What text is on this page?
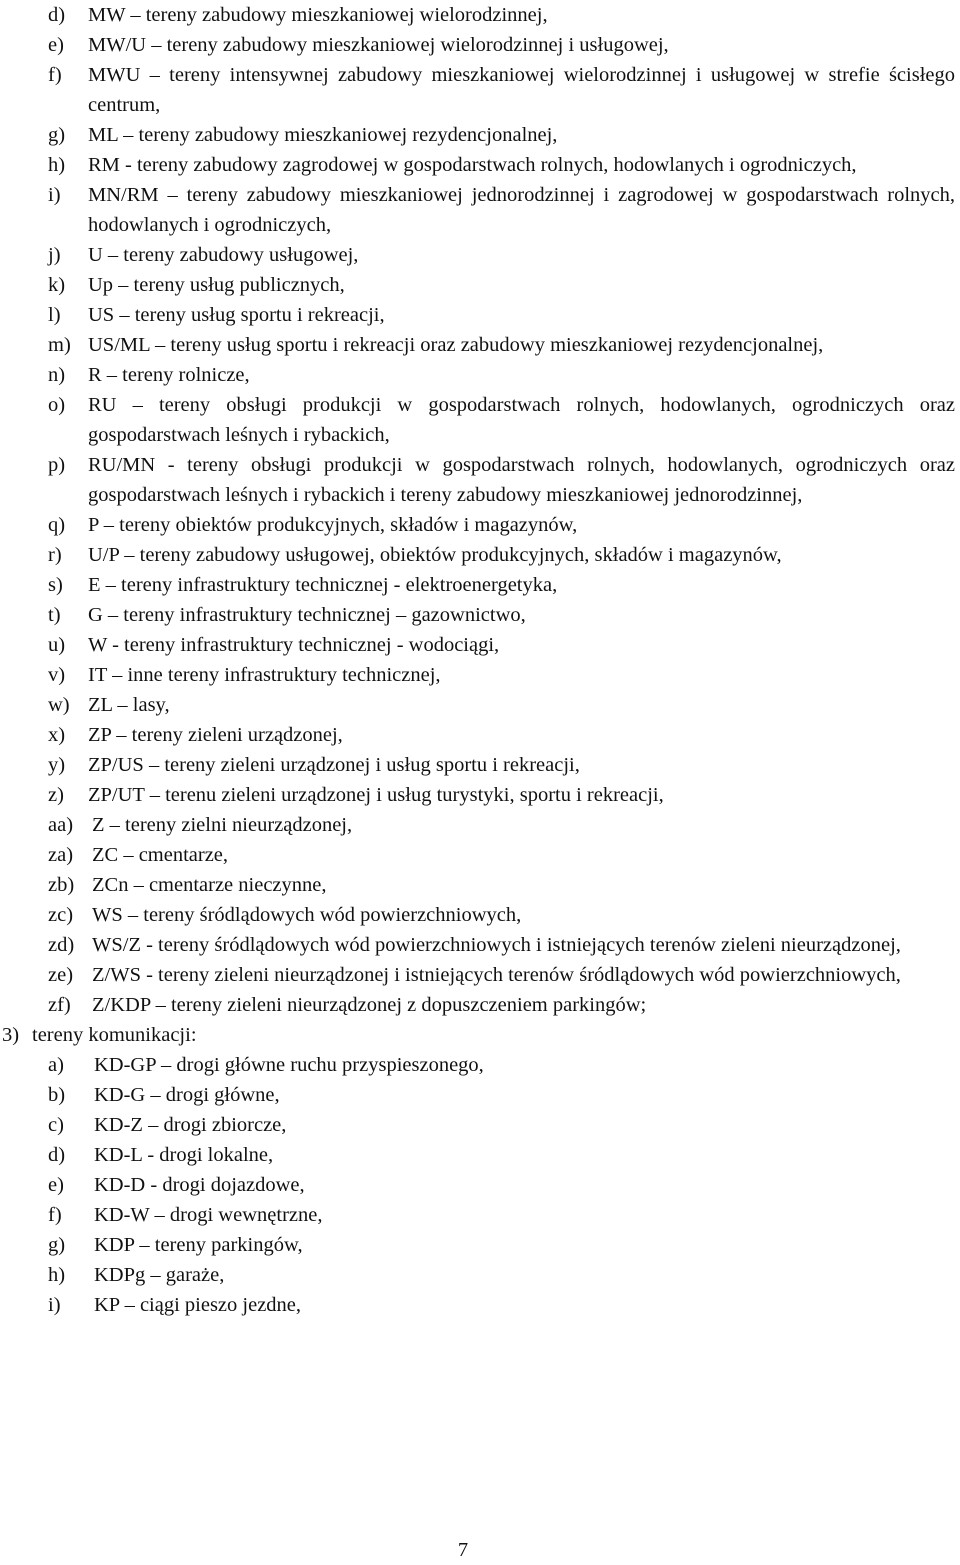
d) MW – tereny zabudowy mieszkaniowej wielorodzinnej,
e) MW/U – tereny zabudowy mieszkaniowej wielorodzinnej i usługowej,
f) MWU – tereny intensywnej zabudowy mieszkaniowej wielorodzinnej i usługowej w strefie ścisłego centrum,
g) ML – tereny zabudowy mieszkaniowej rezydencjonalnej,
h) RM - tereny zabudowy zagrodowej w gospodarstwach rolnych, hodowlanych i ogrodniczych,
i) MN/RM – tereny zabudowy mieszkaniowej jednorodzinnej i zagrodowej w gospodarstwach rolnych, hodowlanych i ogrodniczych,
j) U – tereny zabudowy usługowej,
k) Up – tereny usług publicznych,
l) US – tereny usług sportu i rekreacji,
m) US/ML – tereny usług sportu i rekreacji oraz zabudowy mieszkaniowej rezydencjonalnej,
n) R – tereny rolnicze,
o) RU – tereny obsługi produkcji w gospodarstwach rolnych, hodowlanych, ogrodniczych oraz gospodarstwach leśnych i rybackich,
p) RU/MN - tereny obsługi produkcji w gospodarstwach rolnych, hodowlanych, ogrodniczych oraz gospodarstwach leśnych i rybackich i tereny zabudowy mieszkaniowej jednorodzinnej,
q) P – tereny obiektów produkcyjnych, składów i magazynów,
r) U/P – tereny zabudowy usługowej, obiektów produkcyjnych, składów i magazynów,
s) E – tereny infrastruktury technicznej - elektroenergetyka,
t) G – tereny infrastruktury technicznej – gazownictwo,
u) W - tereny infrastruktury technicznej - wodociągi,
v) IT – inne tereny infrastruktury technicznej,
w) ZL – lasy,
x) ZP – tereny zieleni urządzonej,
y) ZP/US – tereny zieleni urządzonej i usług sportu i rekreacji,
z) ZP/UT – terenu zieleni urządzonej i usług turystyki, sportu i rekreacji,
aa) Z – tereny zielni nieurządzonej,
za) ZC – cmentarze,
zb) ZCn – cmentarze nieczynne,
zc) WS – tereny śródlądowych wód powierzchniowych,
zd) WS/Z - tereny śródlądowych wód powierzchniowych i istniejących terenów zieleni nieurządzonej,
ze) Z/WS - tereny zieleni nieurządzonej i istniejących terenów śródlądowych wód powierzchniowych,
zf) Z/KDP – tereny zieleni nieurządzonej z dopuszczeniem parkingów;
3) tereny komunikacji:
a) KD-GP – drogi główne ruchu przyspieszonego,
b) KD-G – drogi główne,
c) KD-Z – drogi zbiorcze,
d) KD-L - drogi lokalne,
e) KD-D - drogi dojazdowe,
f) KD-W – drogi wewnętrzne,
g) KDP – tereny parkingów,
h) KDPg – garaże,
i) KP – ciągi pieszo jezdne,
7
